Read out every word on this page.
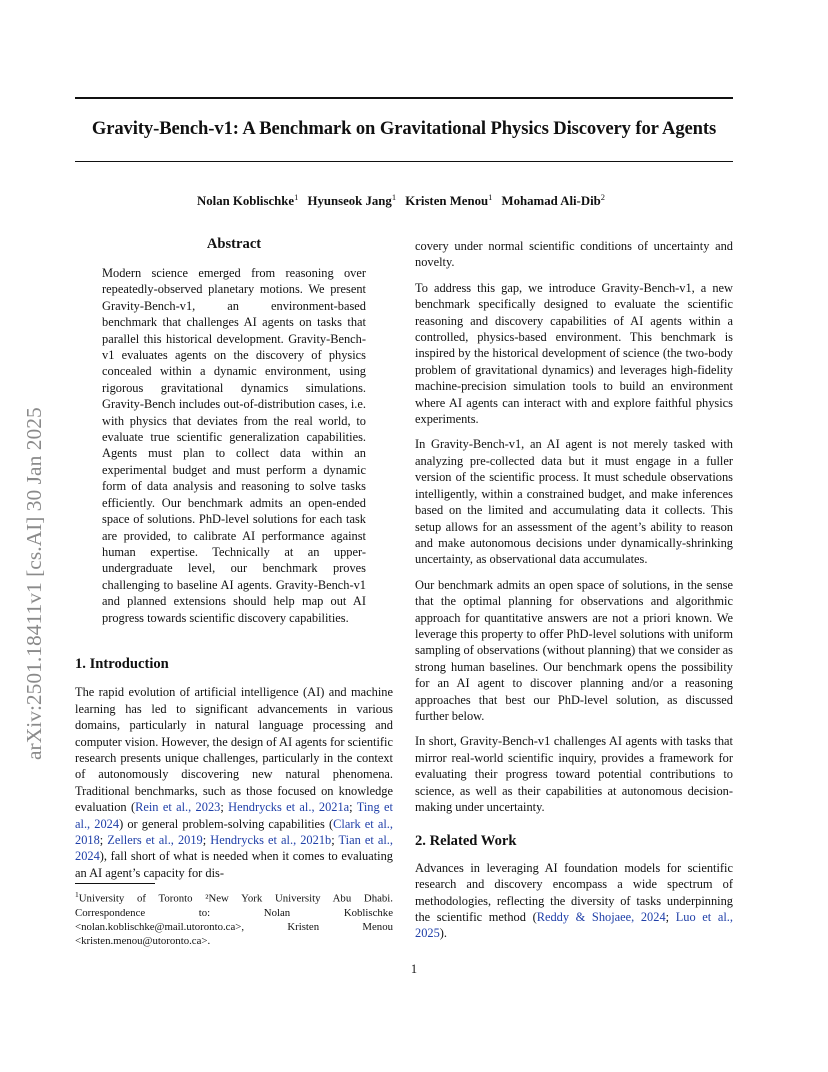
Gravity-Bench-v1: A Benchmark on Gravitational Physics Discovery for Agents
Nolan Koblischke$^1$ Hyunseok Jang$^1$ Kristen Menou$^1$ Mohamad Ali-Dib$^2$
arXiv:2501.18411v1 [cs.AI] 30 Jan 2025
Abstract
Modern science emerged from reasoning over repeatedly-observed planetary motions. We present Gravity-Bench-v1, an environment-based benchmark that challenges AI agents on tasks that parallel this historical development. Gravity-Bench-v1 evaluates agents on the discovery of physics concealed within a dynamic environment, using rigorous gravitational dynamics simulations. Gravity-Bench includes out-of-distribution cases, i.e. with physics that deviates from the real world, to evaluate true scientific generalization capabilities. Agents must plan to collect data within an experimental budget and must perform a dynamic form of data analysis and reasoning to solve tasks efficiently. Our benchmark admits an open-ended space of solutions. PhD-level solutions for each task are provided, to calibrate AI performance against human expertise. Technically at an upper-undergraduate level, our benchmark proves challenging to baseline AI agents. Gravity-Bench-v1 and planned extensions should help map out AI progress towards scientific discovery capabilities.
1. Introduction

The rapid evolution of artificial intelligence (AI) and machine learning has led to significant advancements in various domains, particularly in natural language processing and computer vision. However, the design of AI agents for scientific research presents unique challenges, particularly in the context of autonomously discovering new natural phenomena. Traditional benchmarks, such as those focused on knowledge evaluation (Rein et al., 2023; Hendrycks et al., 2021a; Ting et al., 2024) or general problem-solving capabilities (Clark et al., 2018; Zellers et al., 2019; Hendrycks et al., 2021b; Tian et al., 2024), fall short of what is needed when it comes to evaluating an AI agent’s capacity for dis-

$^1$University of Toronto ²New York University Abu Dhabi. Correspondence to: Nolan Koblischke <nolan.koblischke@mail.utoronto.ca>, Kristen Menou <kristen.menou@utoronto.ca>.

covery under normal scientific conditions of uncertainty and novelty.

To address this gap, we introduce Gravity-Bench-v1, a new benchmark specifically designed to evaluate the scientific reasoning and discovery capabilities of AI agents within a controlled, physics-based environment. This benchmark is inspired by the historical development of science (the two-body problem of gravitational dynamics) and leverages high-fidelity machine-precision simulation tools to build an environment where AI agents can interact with and explore faithful physics experiments.

In Gravity-Bench-v1, an AI agent is not merely tasked with analyzing pre-collected data but it must engage in a fuller version of the scientific process. It must schedule observations intelligently, within a constrained budget, and make inferences based on the limited and accumulating data it collects. This setup allows for an assessment of the agent’s ability to reason and make autonomous decisions under dynamically-shrinking uncertainty, as observational data accumulates.

Our benchmark admits an open space of solutions, in the sense that the optimal planning for observations and algorithmic approach for quantitative answers are not a priori known. We leverage this property to offer PhD-level solutions with uniform sampling of observations (without planning) that we consider as strong human baselines. Our benchmark opens the possibility for an AI agent to discover planning and/or a reasoning approaches that best our PhD-level solution, as discussed further below.

In short, Gravity-Bench-v1 challenges AI agents with tasks that mirror real-world scientific inquiry, provides a framework for evaluating their progress toward potential contributions to science, as well as their capabilities at autonomous decision-making under uncertainty.

2. Related Work

Advances in leveraging AI foundation models for scientific research and discovery encompass a wide spectrum of methodologies, reflecting the diversity of tasks underpinning the scientific method (Reddy & Shojaee, 2024; Luo et al., 2025).

1
